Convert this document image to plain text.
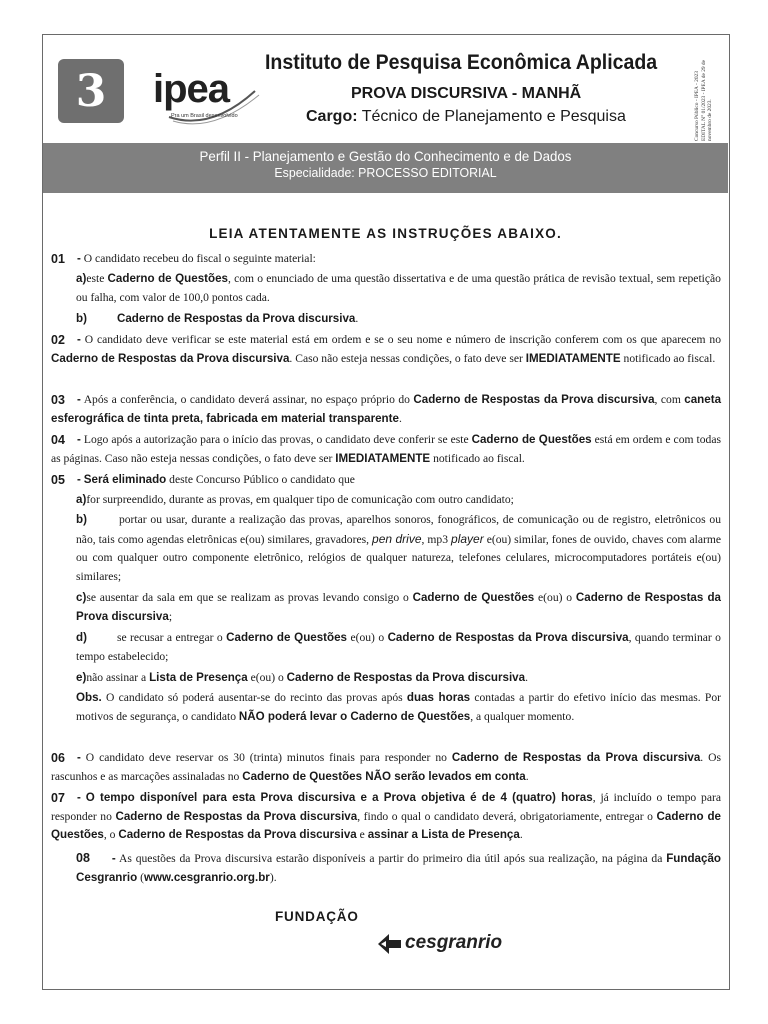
3	ipea
Pra um Brasil desenvolvido
Instituto de Pesquisa Econômica Aplicada
PROVA DISCURSIVA - MANHÃ
Cargo: Técnico de Planejamento e Pesquisa	Concurso Público - IPEA - 2023 EDITAL N° 01/2023 - IPEA de 29 de novembro de 2023.
Perfil II - Planejamento e Gestão do Conhecimento e de Dados
Especialidade: PROCESSO EDITORIAL
LEIA ATENTAMENTE AS INSTRUÇÕES ABAIXO.
01 - O candidato recebeu do fiscal o seguinte material:
a)este Caderno de Questões, com o enunciado de uma questão dissertativa e de uma questão prática de revisão textual, sem repetição ou falha, com valor de 100,0 pontos cada.
b)	Caderno de Respostas da Prova discursiva.
02 - O candidato deve verificar se este material está em ordem e se o seu nome e número de inscrição conferem com os que aparecem no Caderno de Respostas da Prova discursiva. Caso não esteja nessas condições, o fato deve ser IMEDIATAMENTE notificado ao fiscal.
03 - Após a conferência, o candidato deverá assinar, no espaço próprio do Caderno de Respostas da Prova discursiva, com caneta esferográfica de tinta preta, fabricada em material transparente.
04 - Logo após a autorização para o início das provas, o candidato deve conferir se este Caderno de Questões está em ordem e com todas as páginas. Caso não esteja nessas condições, o fato deve ser IMEDIATAMENTE notificado ao fiscal.
05 - Será eliminado deste Concurso Público o candidato que
a)for surpreendido, durante as provas, em qualquer tipo de comunicação com outro candidato;
b)	portar ou usar, durante a realização das provas, aparelhos sonoros, fonográficos, de comunicação ou de registro, eletrônicos ou não, tais como agendas eletrônicas e(ou) similares, gravadores, pen drive, mp3 player e(ou) similar, fones de ouvido, chaves com alarme ou com qualquer outro componente eletrônico, relógios de qualquer natureza, telefones celulares, microcomputadores portáteis e(ou) similares;
c)se ausentar da sala em que se realizam as provas levando consigo o Caderno de Questões e(ou) o Caderno de Respostas da Prova discursiva;
d)	se recusar a entregar o Caderno de Questões e(ou) o Caderno de Respostas da Prova discursiva, quando terminar o tempo estabelecido;
e)não assinar a Lista de Presença e(ou) o Caderno de Respostas da Prova discursiva.
Obs. O candidato só poderá ausentar-se do recinto das provas após duas horas contadas a partir do efetivo início das mesmas. Por motivos de segurança, o candidato NÃO poderá levar o Caderno de Questões, a qualquer momento.
06 - O candidato deve reservar os 30 (trinta) minutos finais para responder no Caderno de Respostas da Prova discursiva. Os rascunhos e as marcações assinaladas no Caderno de Questões NÃO serão levados em conta.
07 - O tempo disponível para esta Prova discursiva e a Prova objetiva é de 4 (quatro) horas, já incluído o tempo para responder no Caderno de Respostas da Prova discursiva, findo o qual o candidato deverá, obrigatoriamente, entregar o Caderno de Questões, o Caderno de Respostas da Prova discursiva e assinar a Lista de Presença.
08 - As questões da Prova discursiva estarão disponíveis a partir do primeiro dia útil após sua realização, na página da Fundação Cesgranrio (www.cesgranrio.org.br).
FUNDAÇÃO
cesgranrio
